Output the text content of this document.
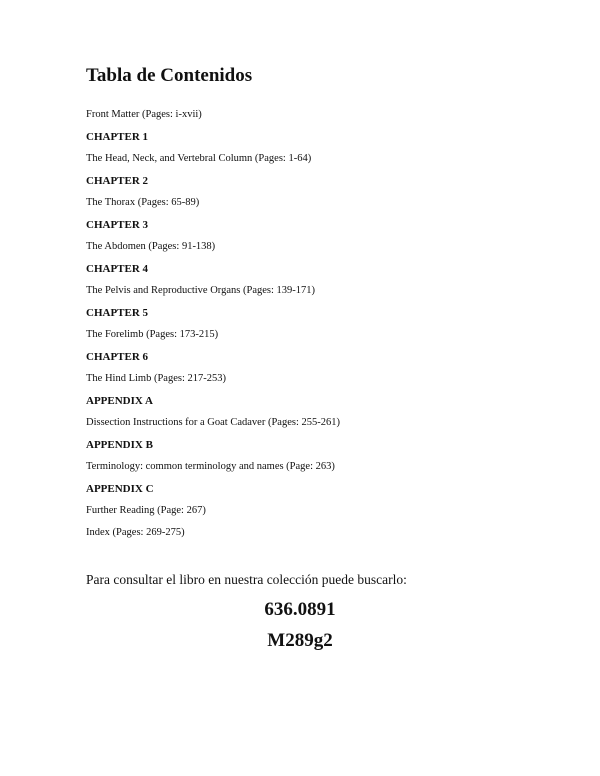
Tabla de Contenidos

Front Matter (Pages: i-xvii)

CHAPTER 1

The Head, Neck, and Vertebral Column (Pages: 1-64)

CHAPTER 2

The Thorax (Pages: 65-89)

CHAPTER 3

The Abdomen (Pages: 91-138)

CHAPTER 4

The Pelvis and Reproductive Organs (Pages: 139-171)

CHAPTER 5

The Forelimb (Pages: 173-215)

CHAPTER 6

The Hind Limb (Pages: 217-253)

APPENDIX A

Dissection Instructions for a Goat Cadaver (Pages: 255-261)

APPENDIX B

Terminology: common terminology and names (Page: 263)

APPENDIX C

Further Reading (Page: 267)

Index (Pages: 269-275)

Para consultar el libro en nuestra colección puede buscarlo:

636.0891

M289g2
